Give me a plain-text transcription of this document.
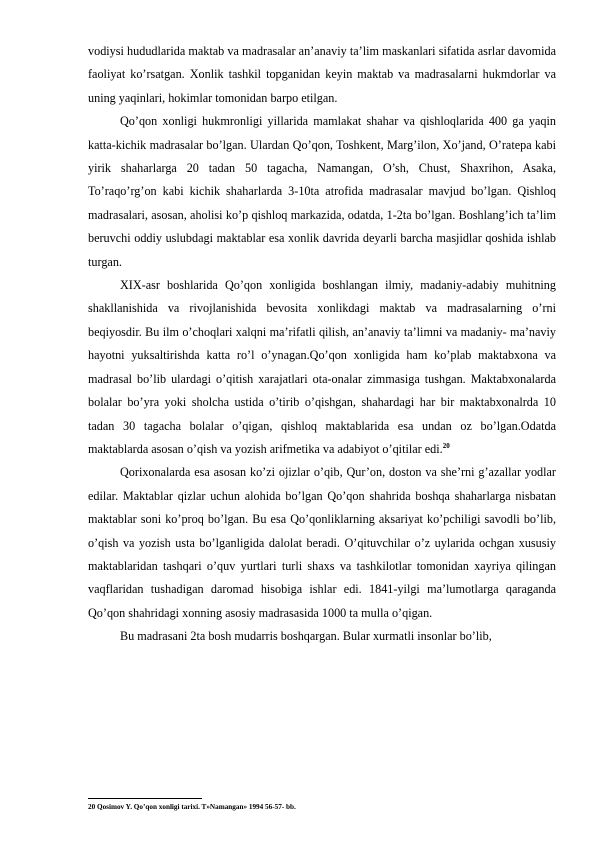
vodiysi hududlarida maktab va madrasalar an’anaviy ta’lim maskanlari sifatida asrlar davomida faoliyat ko’rsatgan. Xonlik tashkil topganidan keyin maktab va madrasalarni hukmdorlar va uning yaqinlari, hokimlar tomonidan barpo etilgan.

Qo’qon xonligi hukmronligi yillarida mamlakat shahar va qishloqlarida 400 ga yaqin katta-kichik madrasalar bo’lgan. Ulardan Qo’qon, Toshkent, Marg’ilon, Xo’jand, O’ratepa kabi yirik shaharlarga 20 tadan 50 tagacha, Namangan, O’sh, Chust, Shaxrihon, Asaka, To’raqo’rg’on kabi kichik shaharlarda 3-10ta atrofida madrasalar mavjud bo’lgan. Qishloq madrasalari, asosan, aholisi ko’p qishloq markazida, odatda, 1-2ta bo’lgan. Boshlang’ich ta’lim beruvchi oddiy uslubdagi maktablar esa xonlik davrida deyarli barcha masjidlar qoshida ishlab turgan.

XIX-asr boshlarida Qo’qon xonligida boshlangan ilmiy, madaniy-adabiy muhitning shakllanishida va rivojlanishida bevosita xonlikdagi maktab va madrasalarning o’rni beqiyosdir. Bu ilm o’choqlari xalqni ma’rifatli qilish, an’anaviy ta’limni va madaniy- ma’naviy hayotni yuksaltirishda katta ro’l o’ynagan.Qo’qon xonligida ham ko’plab maktabxona va madrasal bo’lib ulardagi o’qitish xarajatlari ota-onalar zimmasiga tushgan. Maktabxonalarda bolalar bo’yra yoki sholcha ustida o’tirib o’qishgan, shahardagi har bir maktabxonalrda 10 tadan 30 tagacha bolalar o’qigan, qishloq maktablarida esa undan oz bo’lgan.Odatda maktablarda asosan o’qish va yozish arifmetika va adabiyot o’qitilar edi.$^{20}$

Qorixonalarda esa asosan ko’zi ojizlar o’qib, Qur’on, doston va she’rni g’azallar yodlar edilar. Maktablar qizlar uchun alohida bo’lgan Qo’qon shahrida boshqa shaharlarga nisbatan maktablar soni ko’proq bo’lgan. Bu esa Qo’qonliklarning aksariyat ko’pchiligi savodli bo’lib, o’qish va yozish usta bo’lganligida dalolat beradi. O’qituvchilar o’z uylarida ochgan xususiy maktablaridan tashqari o’quv yurtlari turli shaxs va tashkilotlar tomonidan xayriya qilingan vaqflaridan tushadigan daromad hisobiga ishlar edi. 1841-yilgi ma’lumotlarga qaraganda Qo’qon shahridagi xonning asosiy madrasasida 1000 ta mulla o’qigan.

Bu madrasani 2ta bosh mudarris boshqargan. Bular xurmatli insonlar bo’lib,

20 Qosimov Y. Qo’qon xonligi tarixi. T»Namangan» 1994 56-57- bb.
